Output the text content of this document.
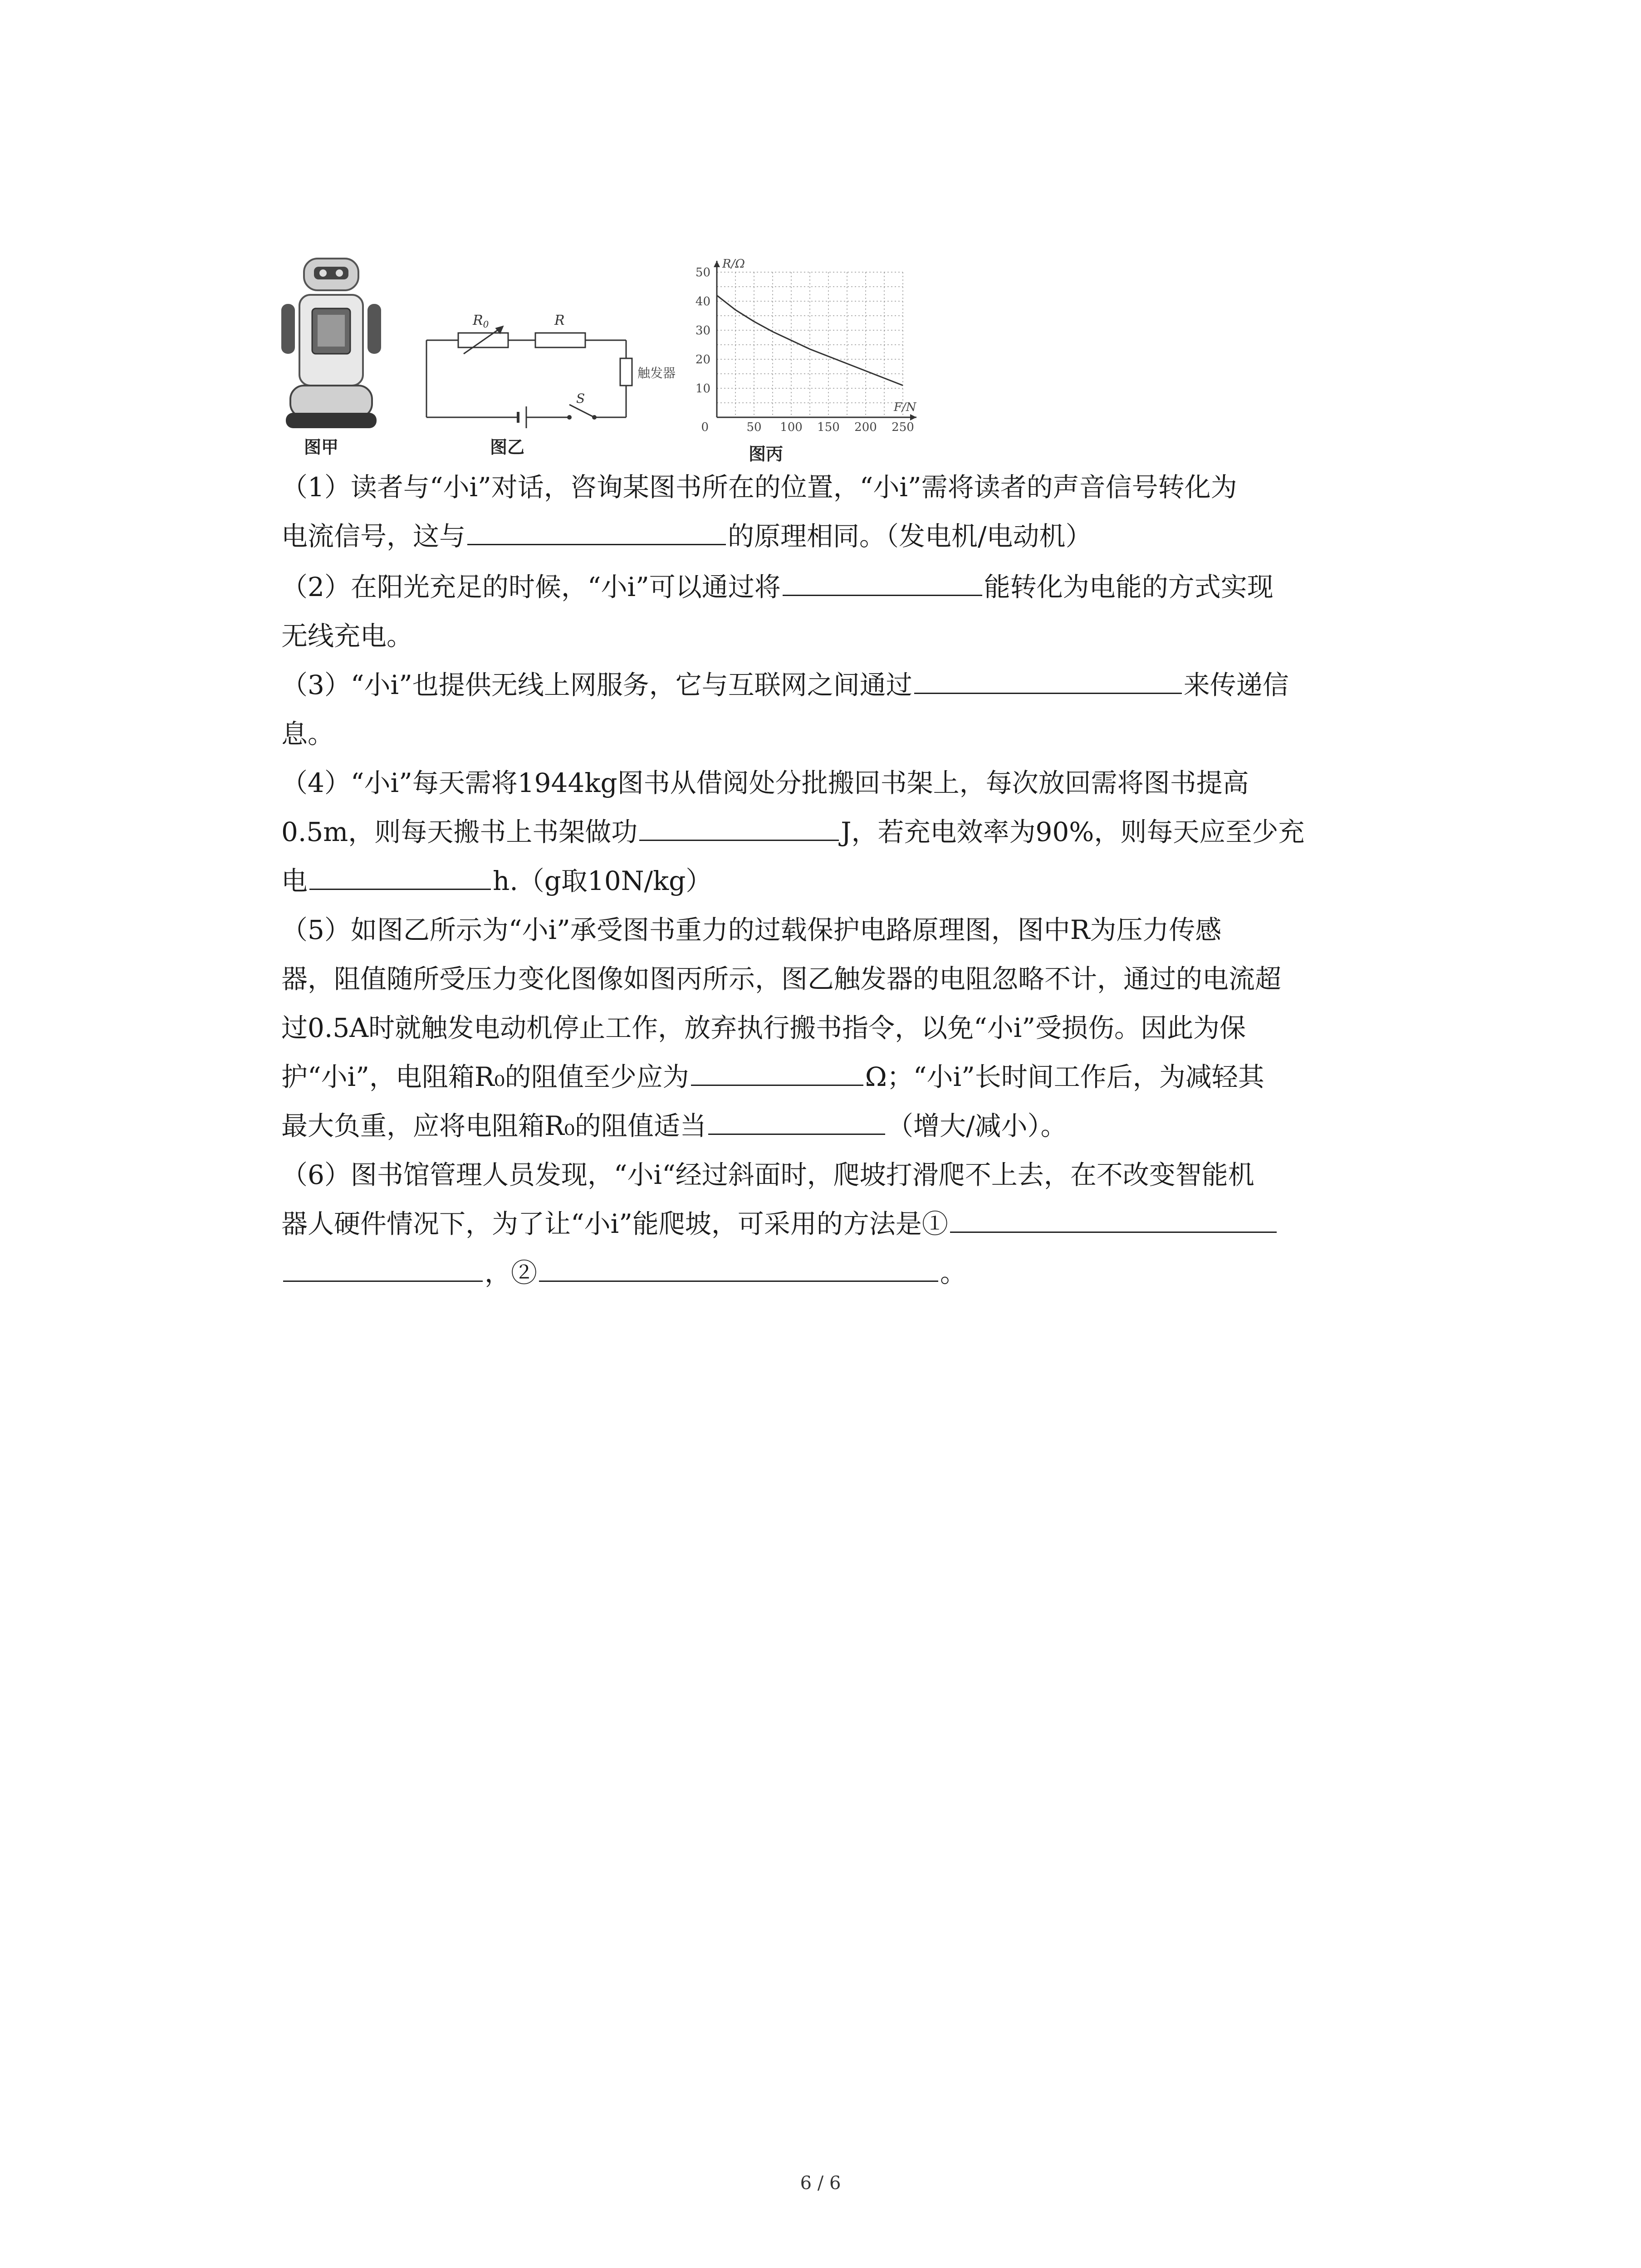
图甲
$R_0$	R
S
触发器
图乙
10
20
30
40
50
50 100 150 200 250
0
R/Ω
F/N
图丙
（1）读者与“小i”对话，咨询某图书所在的位置，“小i”需将读者的声音信号转化为
电流信号，这与	的原理相同。（发电机/电动机）
（2）在阳光充足的时候，“小i”可以通过将	能转化为电能的方式实现
无线充电。
（3）“小i”也提供无线上网服务，它与互联网之间通过	来传递信
息。
（4）“小i”每天需将1944kg图书从借阅处分批搬回书架上，每次放回需将图书提高
0.5m，则每天搬书上书架做功	J，若充电效率为90%，则每天应至少充
电	h.（g取10N/kg）
（5）如图乙所示为“小i”承受图书重力的过载保护电路原理图，图中R为压力传感
器，阻值随所受压力变化图像如图丙所示，图乙触发器的电阻忽略不计，通过的电流超
过0.5A时就触发电动机停止工作，放弃执行搬书指令，以免“小i”受损伤。因此为保
护“小i”，电阻箱R₀的阻值至少应为	Ω；“小i”长时间工作后，为减轻其
最大负重，应将电阻箱R₀的阻值适当	（增大/减小）。
（6）图书馆管理人员发现，“小i“经过斜面时，爬坡打滑爬不上去，在不改变智能机
器人硬件情况下，为了让“小i”能爬坡，可采用的方法是①
，②	。
6 / 6
